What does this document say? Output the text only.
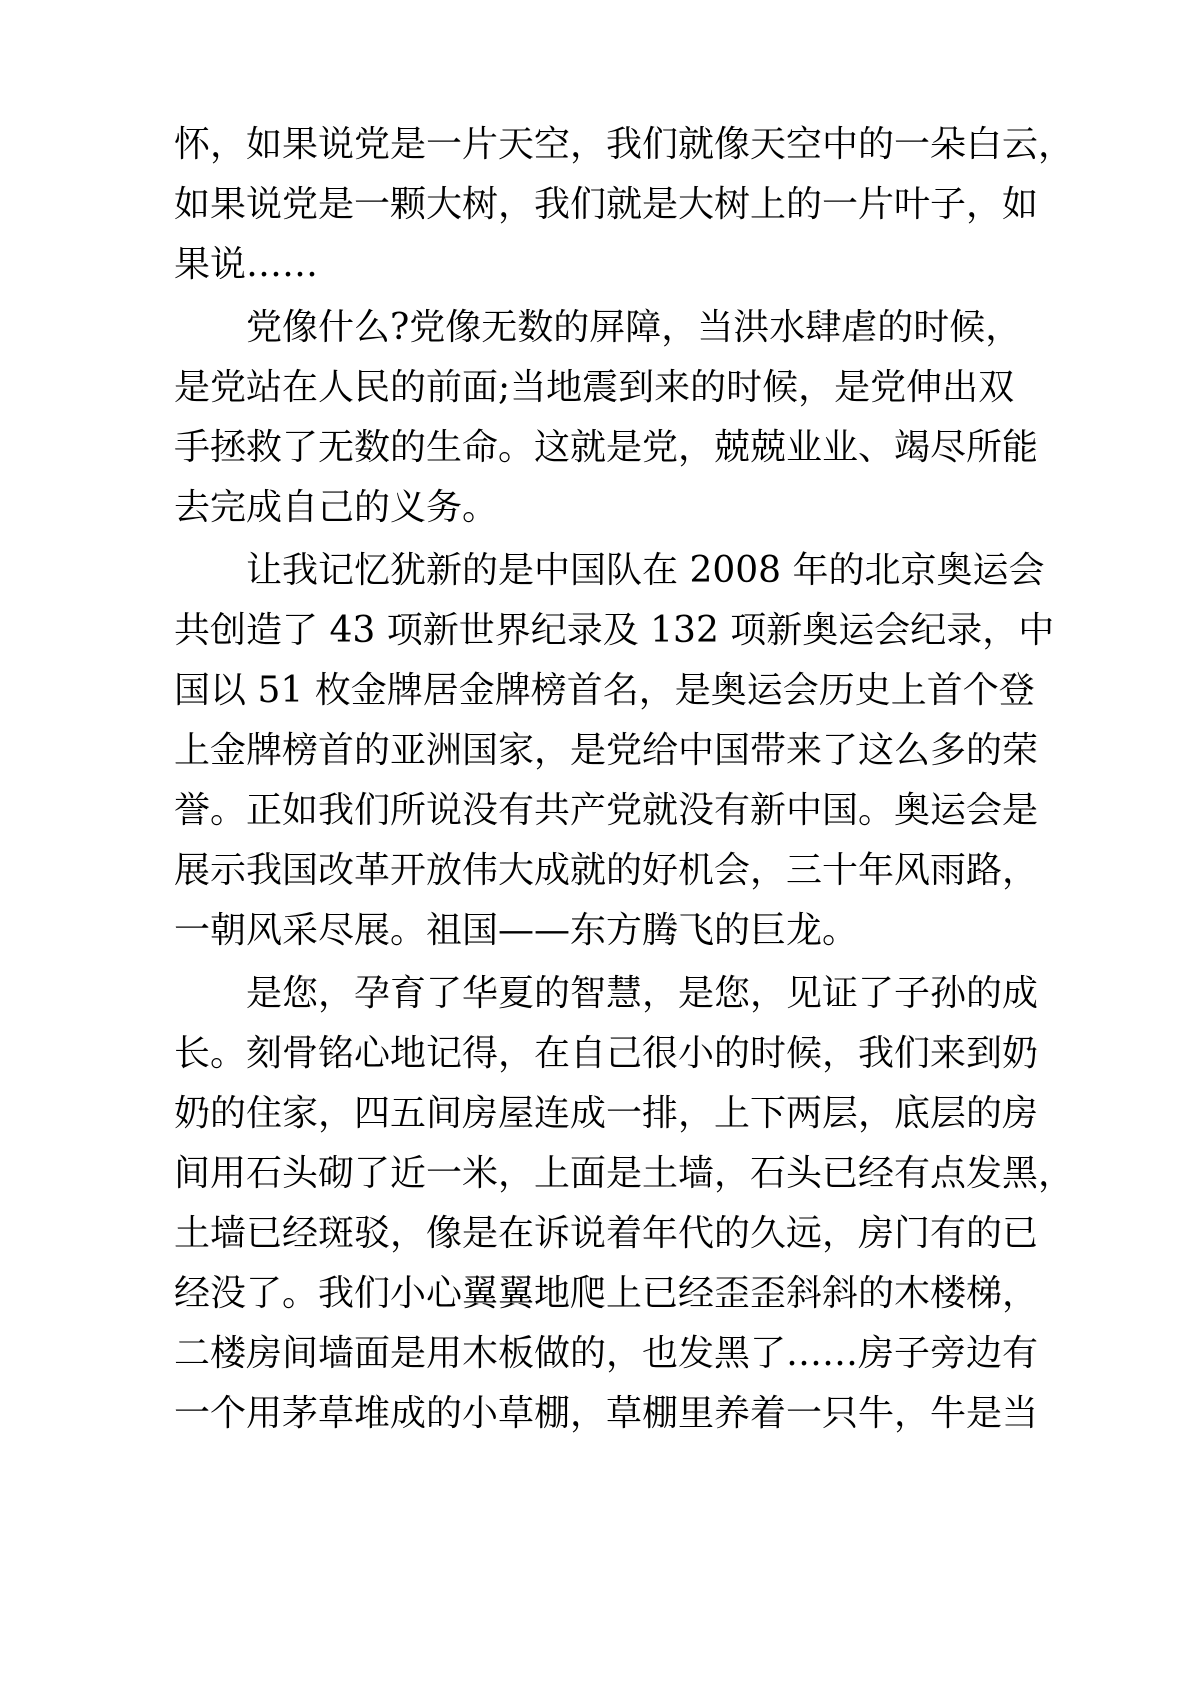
怀，如果说党是一片天空，我们就像天空中的一朵白云，
如果说党是一颗大树，我们就是大树上的一片叶子，如
果说……
党像什么?党像无数的屏障，当洪水肆虐的时候，
是党站在人民的前面;当地震到来的时候，是党伸出双
手拯救了无数的生命。这就是党，兢兢业业、竭尽所能
去完成自己的义务。
让我记忆犹新的是中国队在 2008 年的北京奥运会
共创造了 43 项新世界纪录及 132 项新奥运会纪录，中
国以 51 枚金牌居金牌榜首名，是奥运会历史上首个登
上金牌榜首的亚洲国家，是党给中国带来了这么多的荣
誉。正如我们所说没有共产党就没有新中国。奥运会是
展示我国改革开放伟大成就的好机会，三十年风雨路，
一朝风采尽展。祖国——东方腾飞的巨龙。
是您，孕育了华夏的智慧，是您，见证了子孙的成
长。刻骨铭心地记得，在自己很小的时候，我们来到奶
奶的住家，四五间房屋连成一排，上下两层，底层的房
间用石头砌了近一米，上面是土墙，石头已经有点发黑，
土墙已经斑驳，像是在诉说着年代的久远，房门有的已
经没了。我们小心翼翼地爬上已经歪歪斜斜的木楼梯，
二楼房间墙面是用木板做的，也发黑了……房子旁边有
一个用茅草堆成的小草棚，草棚里养着一只牛，牛是当
